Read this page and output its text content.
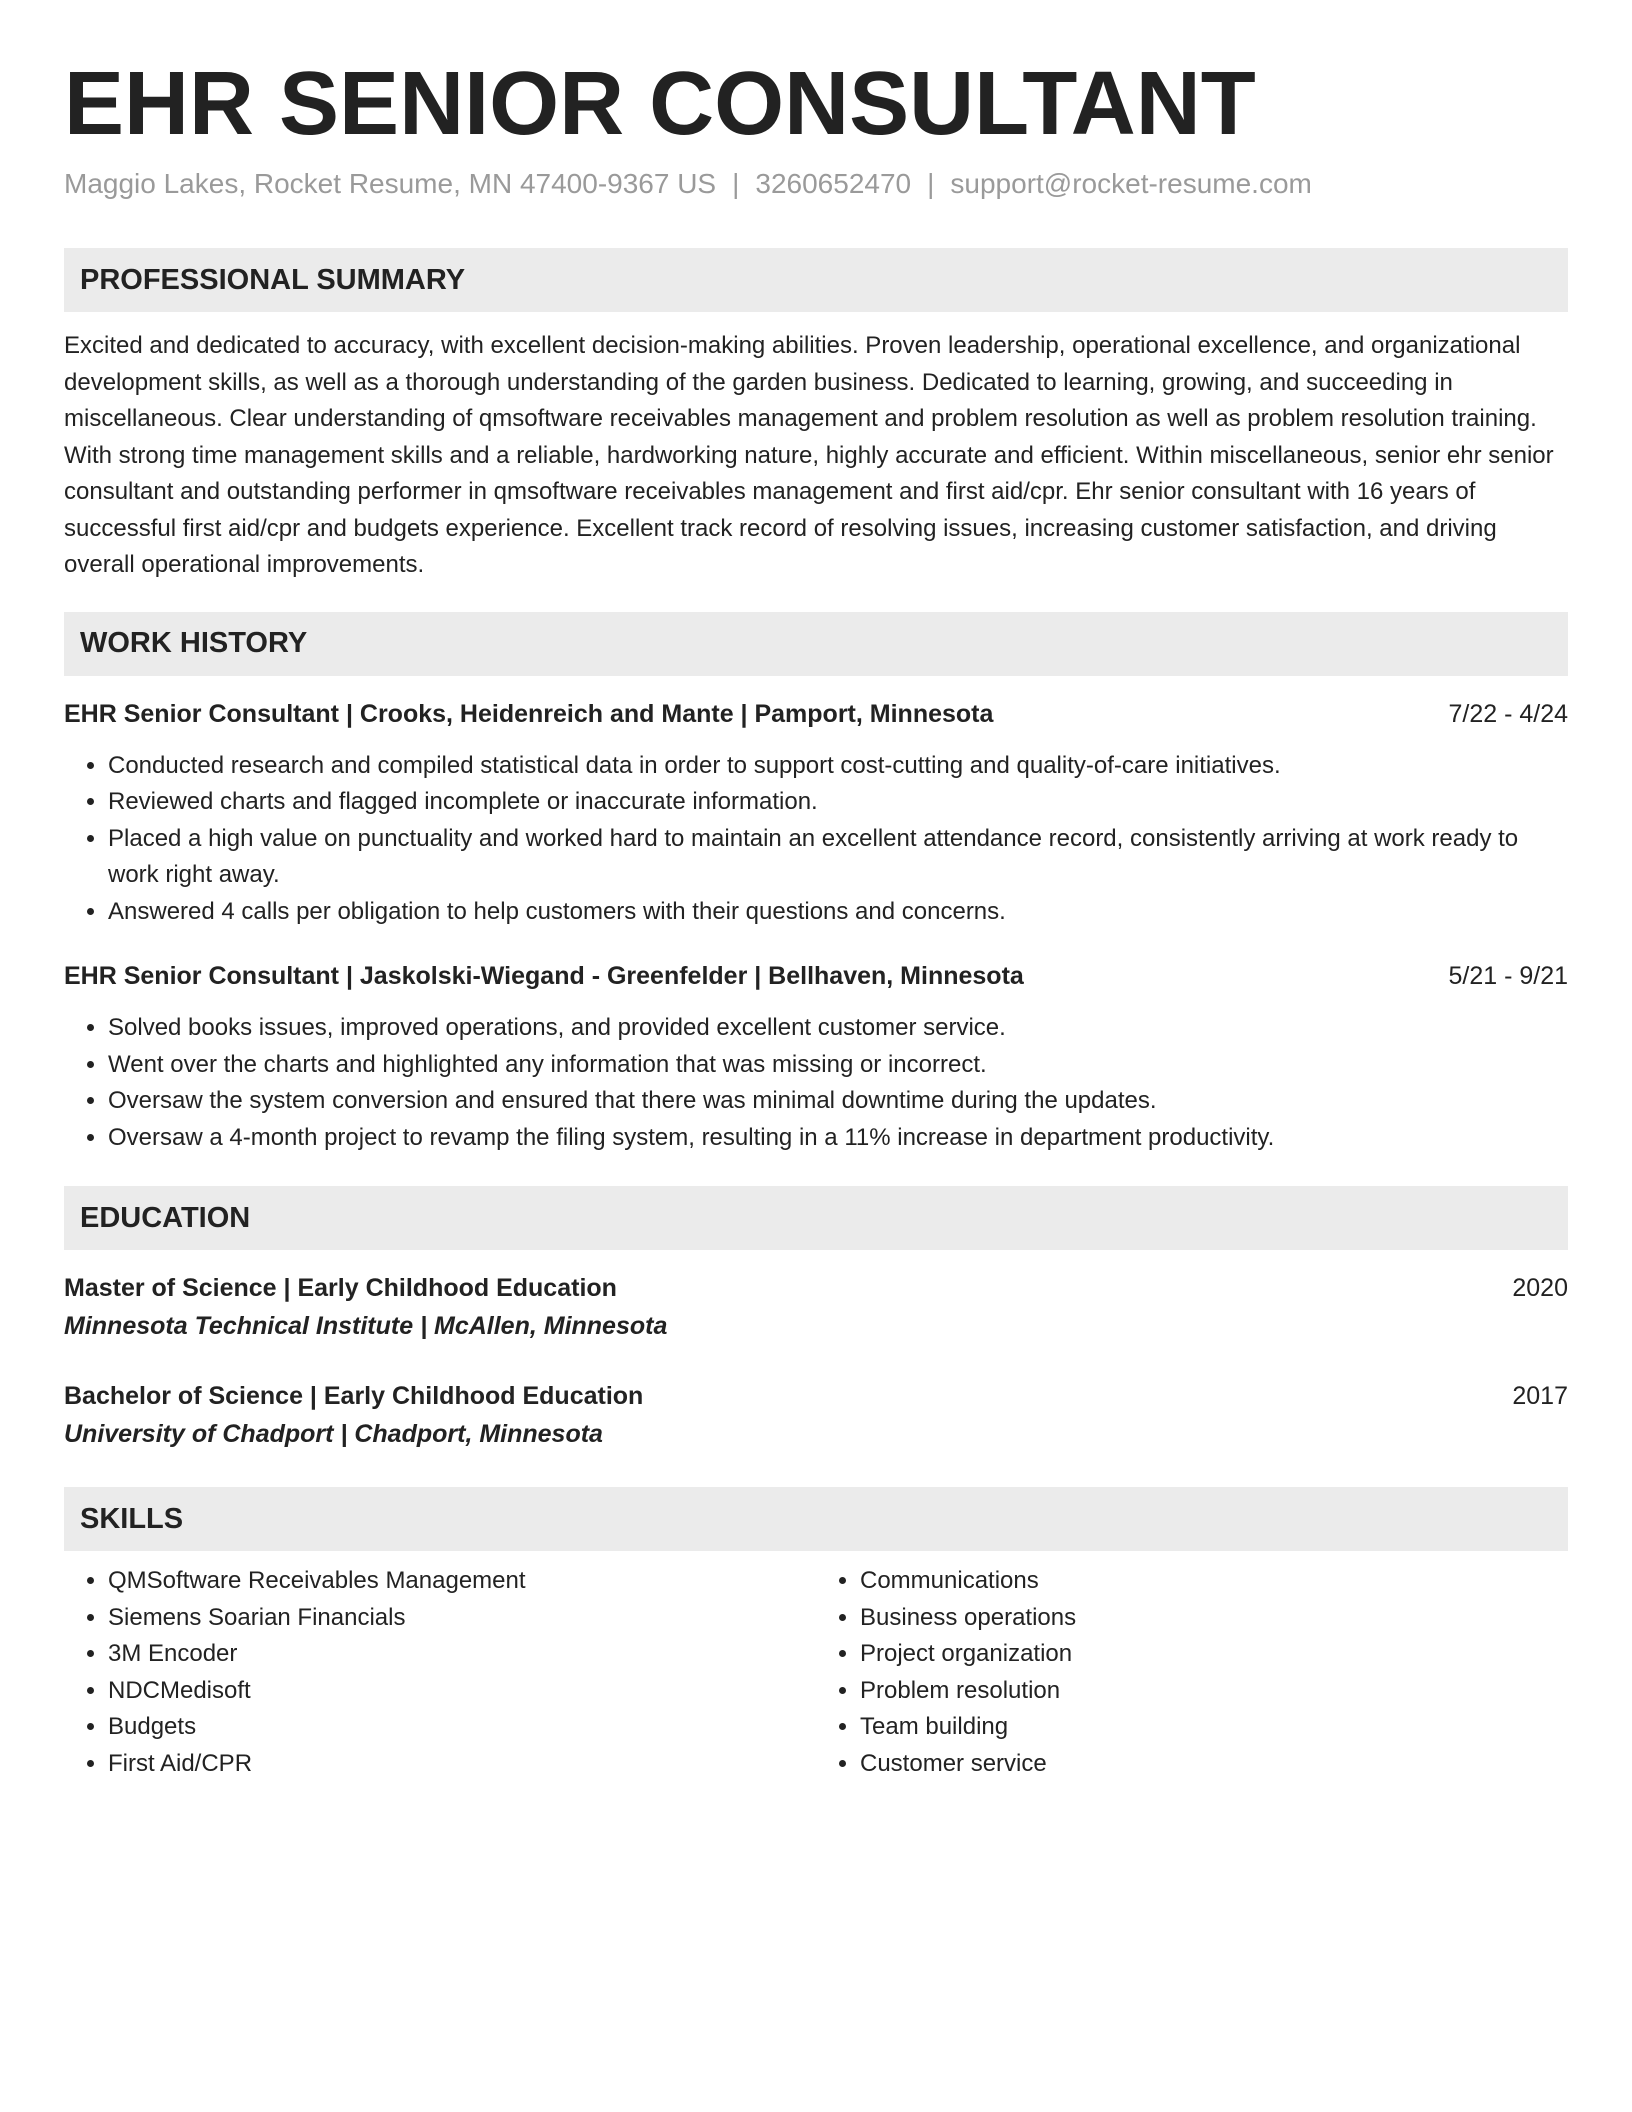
EHR SENIOR CONSULTANT
Maggio Lakes, Rocket Resume, MN 47400-9367 US | 3260652470 | support@rocket-resume.com
PROFESSIONAL SUMMARY

Excited and dedicated to accuracy, with excellent decision-making abilities. Proven leadership, operational excellence, and organizational development skills, as well as a thorough understanding of the garden business. Dedicated to learning, growing, and succeeding in miscellaneous. Clear understanding of qmsoftware receivables management and problem resolution as well as problem resolution training. With strong time management skills and a reliable, hardworking nature, highly accurate and efficient. Within miscellaneous, senior ehr senior consultant and outstanding performer in qmsoftware receivables management and first aid/cpr. Ehr senior consultant with 16 years of successful first aid/cpr and budgets experience. Excellent track record of resolving issues, increasing customer satisfaction, and driving overall operational improvements.

WORK HISTORY
EHR Senior Consultant | Crooks, Heidenreich and Mante | Pamport, Minnesota	7/22 - 4/24
• Conducted research and compiled statistical data in order to support cost-cutting and quality-of-care initiatives.
• Reviewed charts and flagged incomplete or inaccurate information.
• Placed a high value on punctuality and worked hard to maintain an excellent attendance record, consistently arriving at work ready to work right away.
• Answered 4 calls per obligation to help customers with their questions and concerns.
EHR Senior Consultant | Jaskolski-Wiegand - Greenfelder | Bellhaven, Minnesota	5/21 - 9/21
• Solved books issues, improved operations, and provided excellent customer service.
• Went over the charts and highlighted any information that was missing or incorrect.
• Oversaw the system conversion and ensured that there was minimal downtime during the updates.
• Oversaw a 4-month project to revamp the filing system, resulting in a 11% increase in department productivity.
EDUCATION
Master of Science | Early Childhood Education	2020
Minnesota Technical Institute | McAllen, Minnesota
Bachelor of Science | Early Childhood Education	2017
University of Chadport | Chadport, Minnesota
SKILLS
• QMSoftware Receivables Management
• Siemens Soarian Financials
• 3M Encoder
• NDCMedisoft
• Budgets
• First Aid/CPR
• Communications
• Business operations
• Project organization
• Problem resolution
• Team building
• Customer service
